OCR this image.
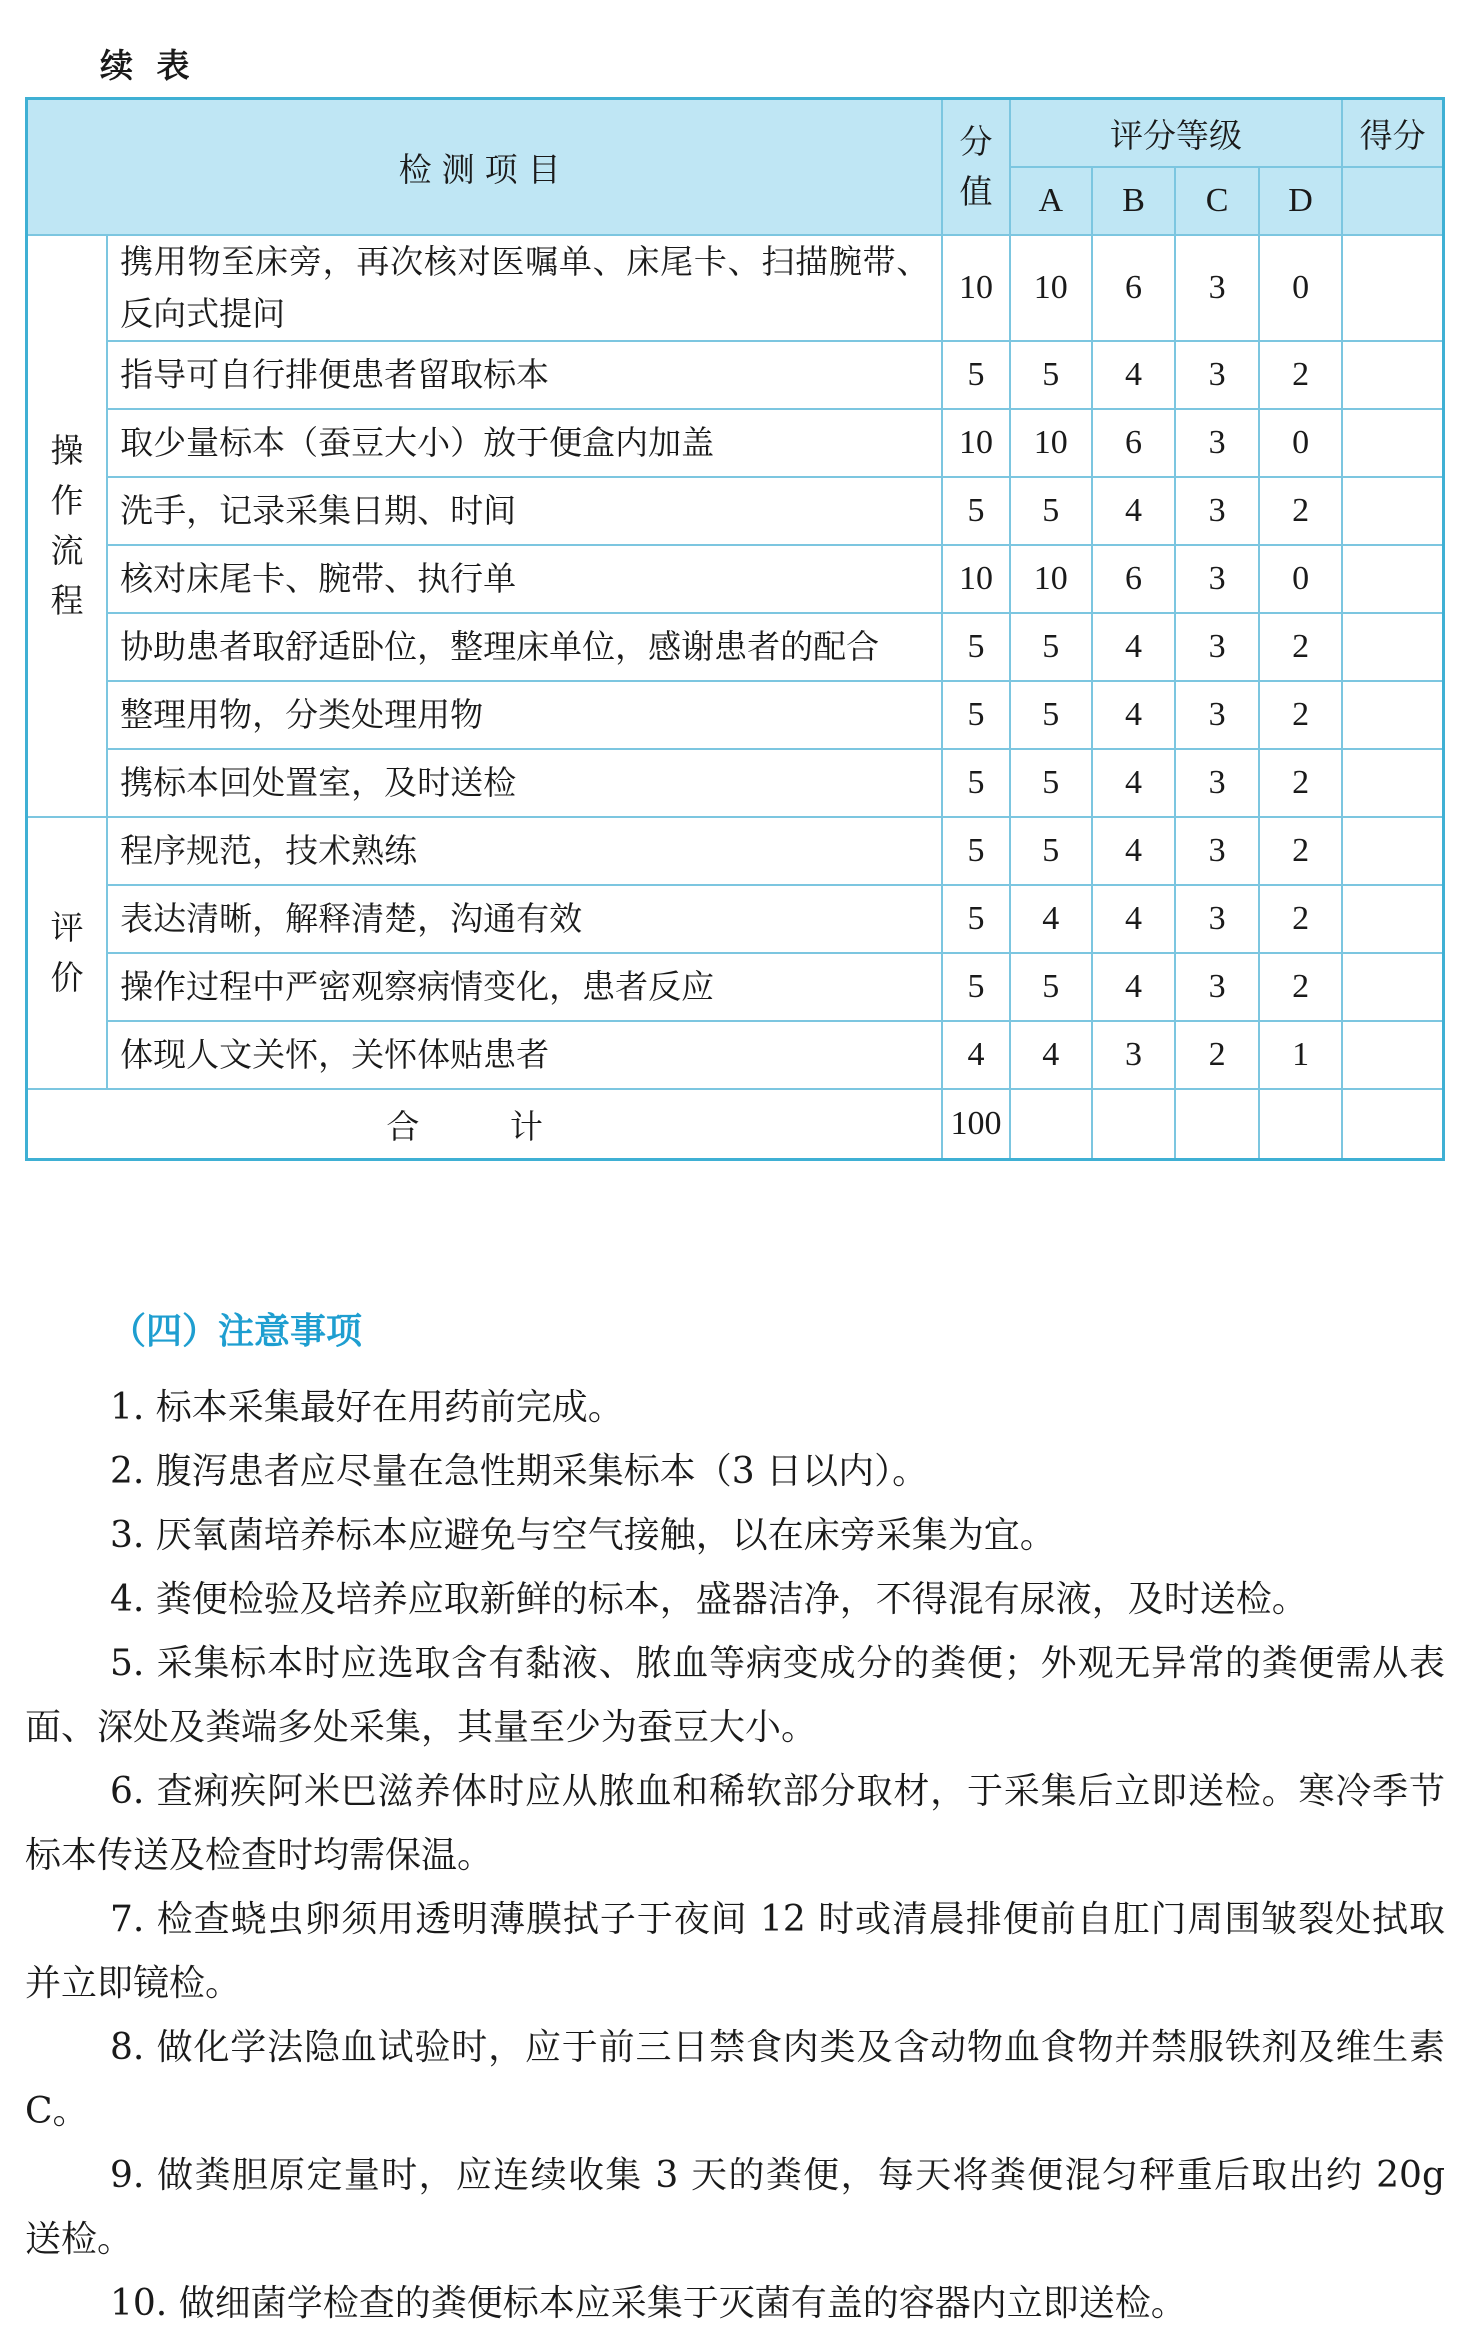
续 表
检测项目		分值	评分等级				得分
			A	B	C	D	
操作流程	携用物至床旁，再次核对医嘱单、床尾卡、扫描腕带、反向式提问	10	10	6	3	0	
	指导可自行排便患者留取标本	5	5	4	3	2	
	取少量标本（蚕豆大小）放于便盒内加盖	10	10	6	3	0	
	洗手，记录采集日期、时间	5	5	4	3	2	
	核对床尾卡、腕带、执行单	10	10	6	3	0	
	协助患者取舒适卧位，整理床单位，感谢患者的配合	5	5	4	3	2	
	整理用物，分类处理用物	5	5	4	3	2	
	携标本回处置室，及时送检	5	5	4	3	2	
评价	程序规范，技术熟练	5	5	4	3	2	
	表达清晰，解释清楚，沟通有效	5	4	4	3	2	
	操作过程中严密观察病情变化，患者反应	5	5	4	3	2	
	体现人文关怀，关怀体贴患者	4	4	3	2	1	
合 计		100					
（四）注意事项

1. 标本采集最好在用药前完成。

2. 腹泻患者应尽量在急性期采集标本（3 日以内）。

3. 厌氧菌培养标本应避免与空气接触，以在床旁采集为宜。

4. 粪便检验及培养应取新鲜的标本，盛器洁净，不得混有尿液，及时送检。

5. 采集标本时应选取含有黏液、脓血等病变成分的粪便；外观无异常的粪便需从表面、深处及粪端多处采集，其量至少为蚕豆大小。

6. 查痢疾阿米巴滋养体时应从脓血和稀软部分取材，于采集后立即送检。寒冷季节标本传送及检查时均需保温。

7. 检查蛲虫卵须用透明薄膜拭子于夜间 12 时或清晨排便前自肛门周围皱裂处拭取并立即镜检。

8. 做化学法隐血试验时，应于前三日禁食肉类及含动物血食物并禁服铁剂及维生素 C。

9. 做粪胆原定量时，应连续收集 3 天的粪便，每天将粪便混匀秤重后取出约 20g 送检。

10. 做细菌学检查的粪便标本应采集于灭菌有盖的容器内立即送检。
